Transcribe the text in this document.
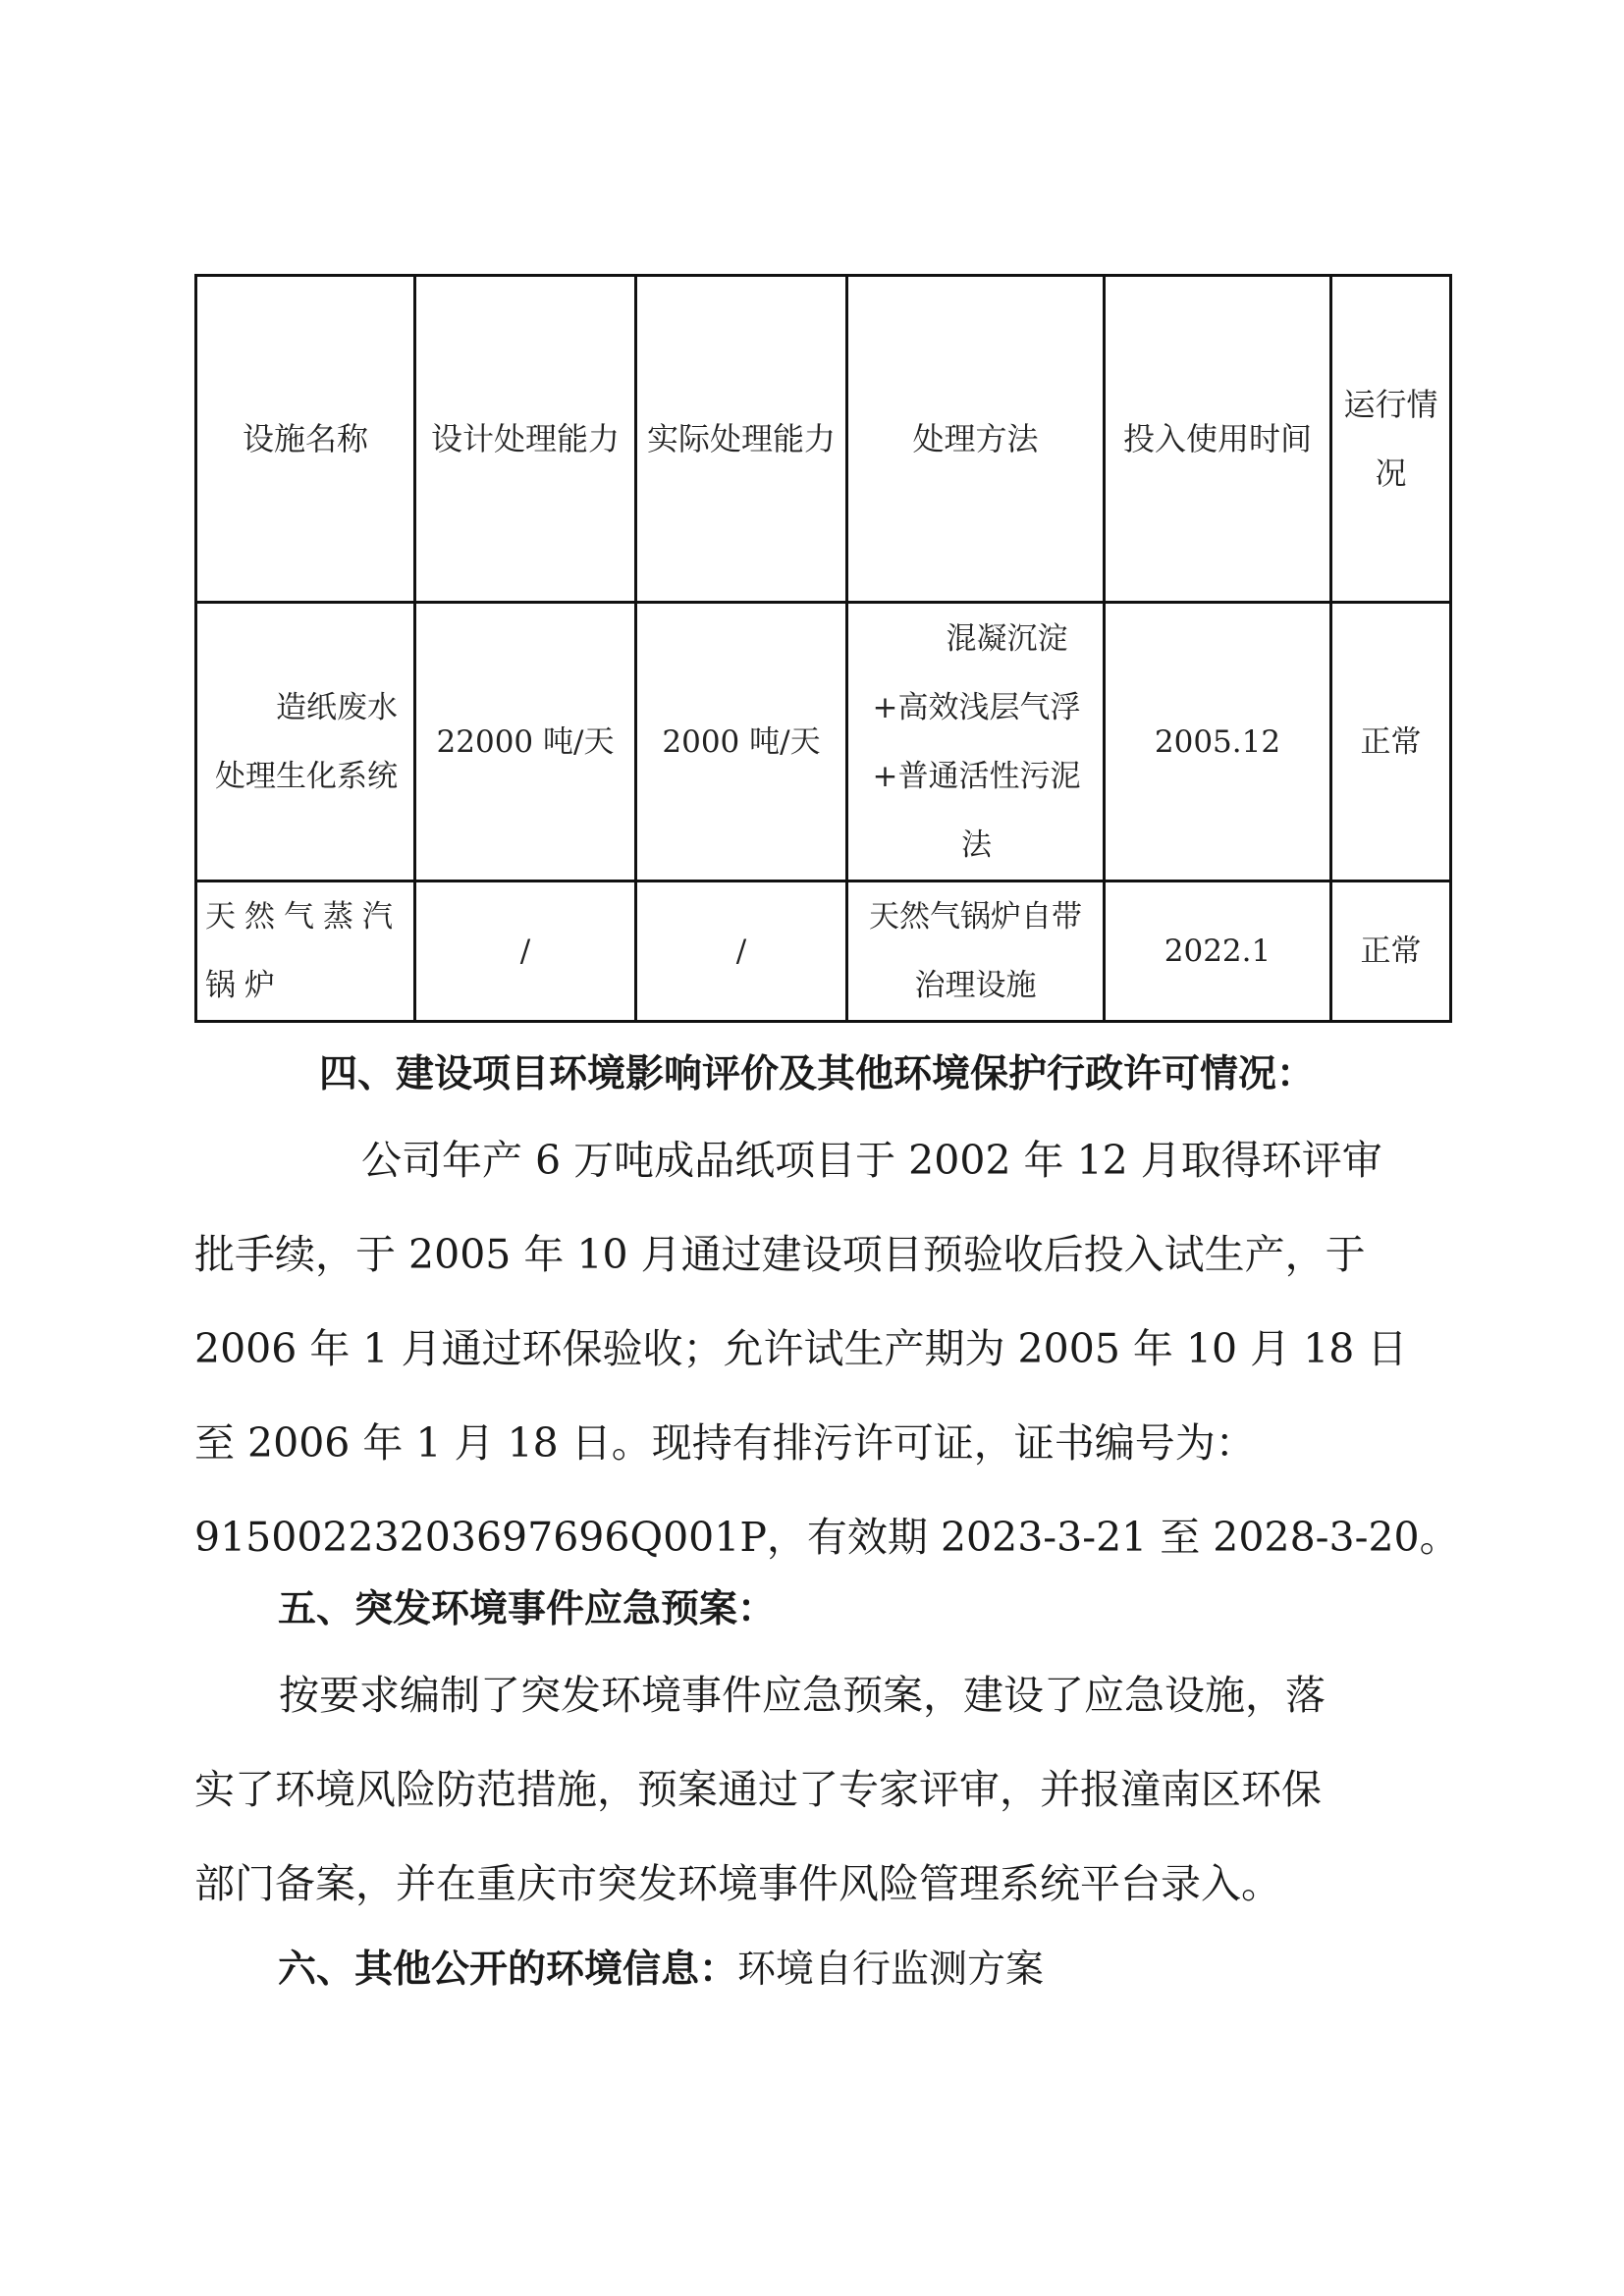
设施名称	设计处理能力	实际处理能力	处理方法	投入使用时间	运行情况
造纸废水处理生化系统	22000 吨/天	2000 吨/天	混凝沉淀+高效浅层气浮+普通活性污泥法	2005.12	正常
天然气蒸汽锅炉	/	/	天然气锅炉自带治理设施	2022.1	正常
四、建设项目环境影响评价及其他环境保护行政许可情况：
公司年产 6 万吨成品纸项目于 2002 年 12 月取得环评审
批手续，于 2005 年 10 月通过建设项目预验收后投入试生产，于
2006 年 1 月通过环保验收；允许试生产期为 2005 年 10 月 18 日
至 2006 年 1 月 18 日。现持有排污许可证，证书编号为：
91500223203697696Q001P，有效期 2023-3-21 至 2028-3-20。
五、突发环境事件应急预案：
按要求编制了突发环境事件应急预案，建设了应急设施，落
实了环境风险防范措施，预案通过了专家评审，并报潼南区环保
部门备案，并在重庆市突发环境事件风险管理系统平台录入。
六、其他公开的环境信息：环境自行监测方案
